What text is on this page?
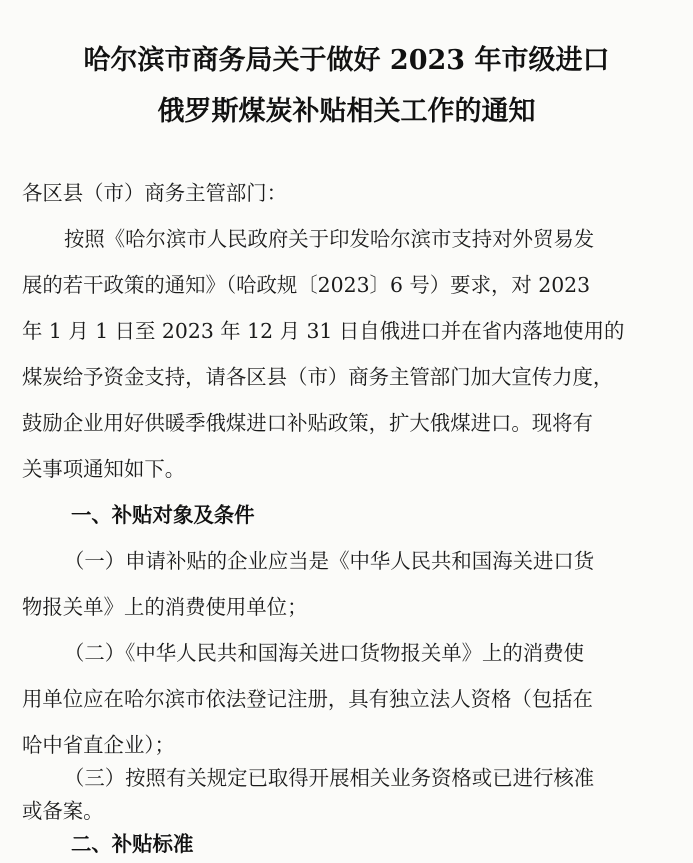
哈尔滨市商务局关于做好 2023 年市级进口
俄罗斯煤炭补贴相关工作的通知
各区县（市）商务主管部门：
按照《哈尔滨市人民政府关于印发哈尔滨市支持对外贸易发
展的若干政策的通知》（哈政规〔2023〕6 号）要求，对 2023
年 1 月 1 日至 2023 年 12 月 31 日自俄进口并在省内落地使用的
煤炭给予资金支持，请各区县（市）商务主管部门加大宣传力度，
鼓励企业用好供暖季俄煤进口补贴政策，扩大俄煤进口。现将有
关事项通知如下。
一、补贴对象及条件
（一）申请补贴的企业应当是《中华人民共和国海关进口货
物报关单》上的消费使用单位；
（二）《中华人民共和国海关进口货物报关单》上的消费使
用单位应在哈尔滨市依法登记注册，具有独立法人资格（包括在
哈中省直企业）；
（三）按照有关规定已取得开展相关业务资格或已进行核准
或备案。
二、补贴标准
